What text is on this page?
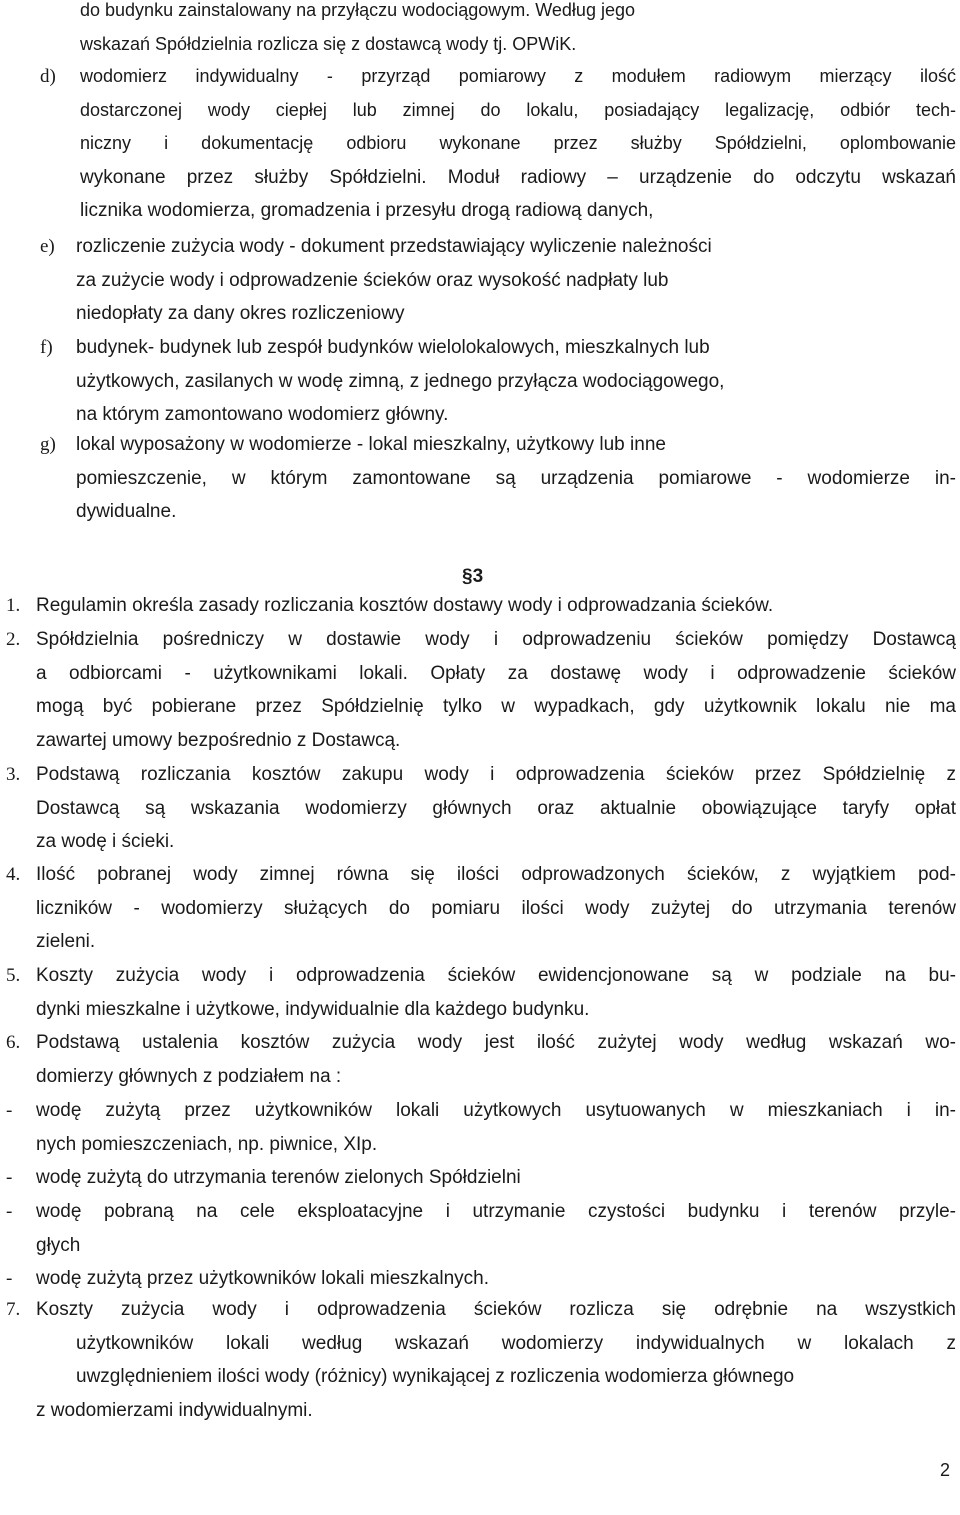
do budynku zainstalowany na przyłączu wodociągowym. Według jego
wskazań Spółdzielnia rozlicza się z dostawcą wody tj. OPWiK.
d) wodomierz indywidualny - przyrząd pomiarowy z modułem radiowym mierzący ilość
dostarczonej wody ciepłej lub zimnej do lokalu, posiadający legalizację, odbiór tech-
niczny i dokumentację odbioru wykonane przez służby Spółdzielni, oplombowanie
wykonane przez służby Spółdzielni. Moduł radiowy – urządzenie do odczytu wskazań
licznika wodomierza, gromadzenia i przesyłu drogą radiową danych,
e) rozliczenie zużycia wody - dokument przedstawiający wyliczenie należności
za zużycie wody i odprowadzenie ścieków oraz wysokość nadpłaty lub
niedopłaty za dany okres rozliczeniowy
f) budynek- budynek lub zespół budynków wielolokalowych, mieszkalnych lub
użytkowych, zasilanych w wodę zimną, z jednego przyłącza wodociągowego,
na którym zamontowano wodomierz główny.
g) lokal wyposażony w wodomierze - lokal mieszkalny, użytkowy lub inne
pomieszczenie, w którym zamontowane są urządzenia pomiarowe - wodomierze in-
dywidualne.
§3
1. Regulamin określa zasady rozliczania kosztów dostawy wody i odprowadzania ścieków.
2. Spółdzielnia pośredniczy w dostawie wody i odprowadzeniu ścieków pomiędzy Dostawcą
a odbiorcami - użytkownikami lokali. Opłaty za dostawę wody i odprowadzenie ścieków
mogą być pobierane przez Spółdzielnię tylko w wypadkach, gdy użytkownik lokalu nie ma
zawartej umowy bezpośrednio z Dostawcą.
3. Podstawą rozliczania kosztów zakupu wody i odprowadzenia ścieków przez Spółdzielnię z
Dostawcą są wskazania wodomierzy głównych oraz aktualnie obowiązujące taryfy opłat
za wodę i ścieki.
4. Ilość pobranej wody zimnej równa się ilości odprowadzonych ścieków, z wyjątkiem pod-
liczników - wodomierzy służących do pomiaru ilości wody zużytej do utrzymania terenów
zieleni.
5. Koszty zużycia wody i odprowadzenia ścieków ewidencjonowane są w podziale na bu-
dynki mieszkalne i użytkowe, indywidualnie dla każdego budynku.
6. Podstawą ustalenia kosztów zużycia wody jest ilość zużytej wody według wskazań wo-
domierzy głównych z podziałem na :
- wodę zużytą przez użytkowników lokali użytkowych usytuowanych w mieszkaniach i in-
nych pomieszczeniach, np. piwnice, XIp.
- wodę zużytą do utrzymania terenów zielonych Spółdzielni
- wodę pobraną na cele eksploatacyjne i utrzymanie czystości budynku i terenów przyle-
głych
- wodę zużytą przez użytkowników lokali mieszkalnych.
7. Koszty zużycia wody i odprowadzenia ścieków rozlicza się odrębnie na wszystkich
użytkowników lokali według wskazań wodomierzy indywidualnych w lokalach z
uwzględnieniem ilości wody (różnicy) wynikającej z rozliczenia wodomierza głównego
z wodomierzami indywidualnymi.
2
